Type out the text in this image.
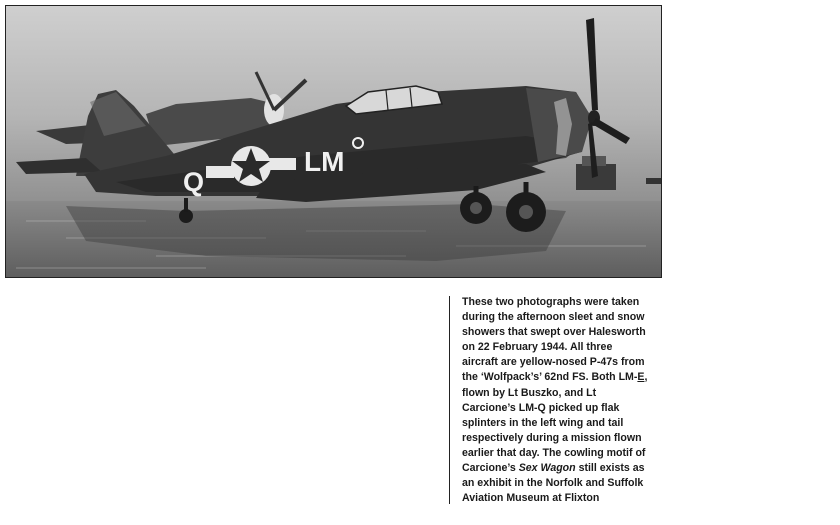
Q
LM
These two photographs were taken
during the afternoon sleet and snow
showers that swept over Halesworth
on 22 February 1944. All three
aircraft are yellow-nosed P-47s from
the ‘Wolfpack’s’ 62nd FS. Both LM-E,
flown by Lt Buszko, and Lt
Carcione’s LM-Q picked up flak
splinters in the left wing and tail
respectively during a mission flown
earlier that day. The cowling motif of
Carcione’s Sex Wagon still exists as
an exhibit in the Norfolk and Suffolk
Aviation Museum at Flixton
